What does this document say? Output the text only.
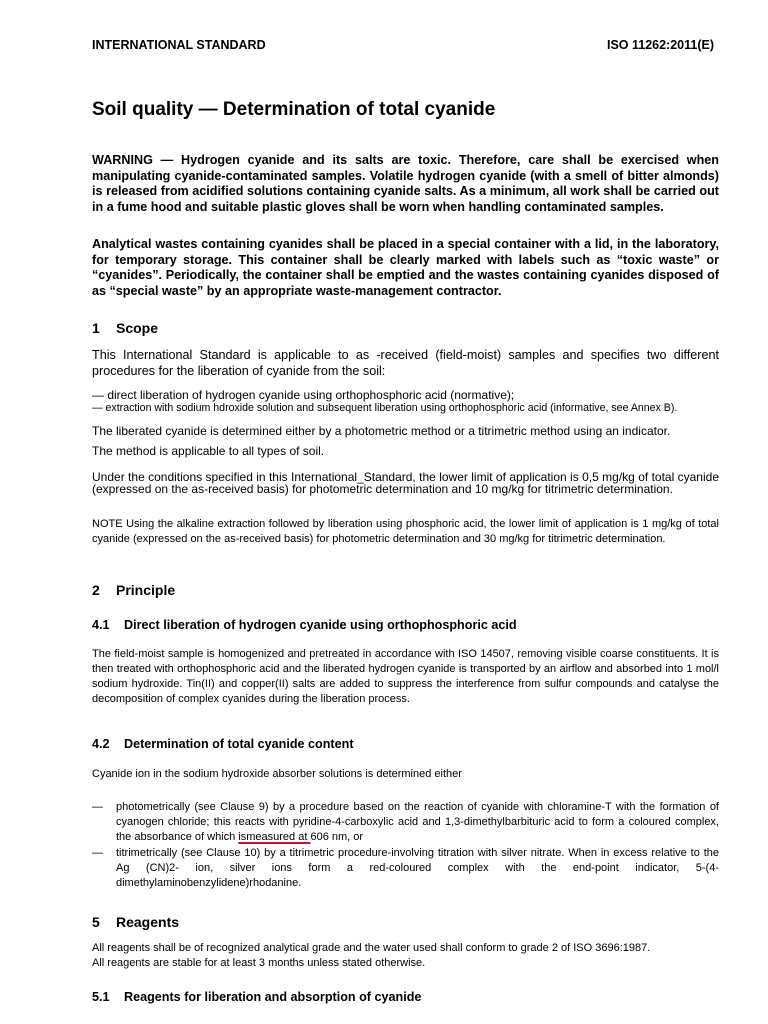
INTERNATIONAL STANDARD	ISO 11262:2011(E)
Soil quality — Determination of total cyanide
WARNING — Hydrogen cyanide and its salts are toxic. Therefore, care shall be exercised when manipulating cyanide-contaminated samples. Volatile hydrogen cyanide (with a smell of bitter almonds) is released from acidified solutions containing cyanide salts. As a minimum, all work shall be carried out in a fume hood and suitable plastic gloves shall be worn when handling contaminated samples.
Analytical wastes containing cyanides shall be placed in a special container with a lid, in the laboratory, for temporary storage. This container shall be clearly marked with labels such as “toxic waste” or “cyanides”. Periodically, the container shall be emptied and the wastes containing cyanides disposed of as “special waste” by an appropriate waste-management contractor.
1 Scope
This International Standard is applicable to as -received (field-moist) samples and specifies two different procedures for the liberation of cyanide from the soil:
— direct liberation of hydrogen cyanide using orthophosphoric acid (normative);
— extraction with sodium hdroxide solution and subsequent liberation using orthophosphoric acid (informative, see Annex B).
The liberated cyanide is determined either by a photometric method or a titrimetric method using an indicator.
The method is applicable to all types of soil.
Under the conditions specified in this International_Standard, the lower limit of application is 0,5 mg/kg of total cyanide (expressed on the as-received basis) for photometric determination and 10 mg/kg for titrimetric determination.
NOTE Using the alkaline extraction followed by liberation using phosphoric acid, the lower limit of application is 1 mg/kg of total cyanide (expressed on the as-received basis) for photometric determination and 30 mg/kg for titrimetric determination.
2 Principle
4.1 Direct liberation of hydrogen cyanide using orthophosphoric acid
The field-moist sample is homogenized and pretreated in accordance with ISO 14507, removing visible coarse constituents. It is then treated with orthophosphoric acid and the liberated hydrogen cyanide is transported by an airflow and absorbed into 1 mol/l sodium hydroxide. Tin(II) and copper(II) salts are added to suppress the interference from sulfur compounds and catalyse the decomposition of complex cyanides during the liberation process.
4.2 Determination of total cyanide content
Cyanide ion in the sodium hydroxide absorber solutions is determined either
— photometrically (see Clause 9) by a procedure based on the reaction of cyanide with chloramine-T with the formation of cyanogen chloride; this reacts with pyridine-4-carboxylic acid and 1,3-dimethylbarbituric acid to form a coloured complex, the absorbance of which ismeasured at 606 nm, or
— titrimetrically (see Clause 10) by a titrimetric procedure-involving titration with silver nitrate. When in excess relative to the Ag (CN)2- ion, silver ions form a red-coloured complex with the end-point indicator, 5-(4-dimethylaminobenzylidene)rhodanine.
5 Reagents
All reagents shall be of recognized analytical grade and the water used shall conform to grade 2 of ISO 3696:1987.
All reagents are stable for at least 3 months unless stated otherwise.
5.1 Reagents for liberation and absorption of cyanide
